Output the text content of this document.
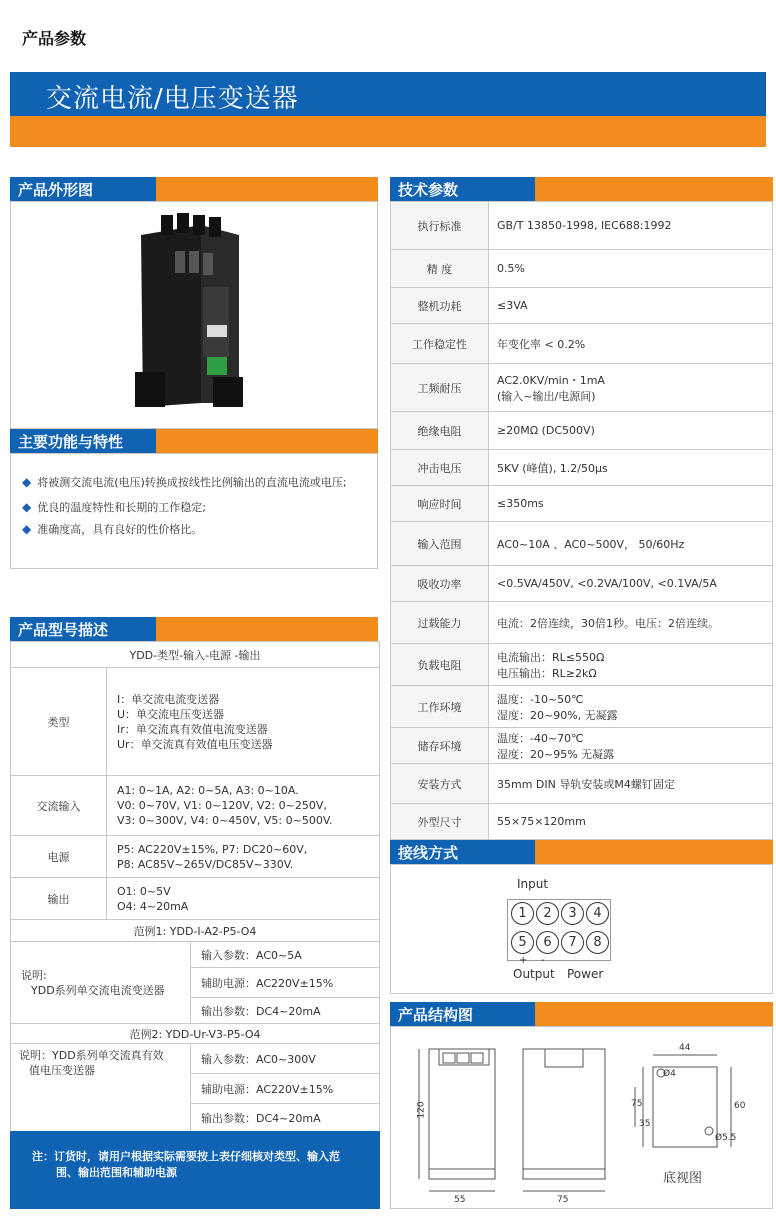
产品参数
交流电流/电压变送器
产品外形图
主要功能与特性
◆ 将被测交流电流(电压)转换成按线性比例输出的直流电流或电压;
◆ 优良的温度特性和长期的工作稳定;
◆ 准确度高，具有良好的性价格比。
产品型号描述
YDD-类型-输入-电源 -输出	
类型	I：单交流电流变送器
U：单交流电压变送器
Ir：单交流真有效值电流变送器
Ur：单交流真有效值电压变送器

交流输入	A1: 0~1A, A2: 0~5A, A3: 0~10A.
V0: 0~70V, V1: 0~120V, V2: 0~250V,
V3: 0~300V, V4: 0~450V, V5: 0~500V.

电源	P5: AC220V±15%, P7: DC20~60V,
P8: AC85V~265V/DC85V~330V.

输出	O1: 0~5V
O4: 4~20mA
范例1: YDD-I-A2-P5-O4

说明:
YDD系列单交流电流变送器
	输入参数：AC0~5A
辅助电源：AC220V±15%
输出参数：DC4~20mA
范例2: YDD-Ur-V3-P5-O4

说明：YDD系列单交流真有效
值电压变送器
	输入参数：AC0~300V
辅助电源：AC220V±15%
输出参数：DC4~20mA
注：订货时，请用户根据实际需要按上表仔细核对类型、输入范
围、输出范围和辅助电源
技术参数
执行标准	GB/T 13850-1998, IEC688:1992

精 度	0.5%

整机功耗	≤3VA

工作稳定性	年变化率 < 0.2%

工频耐压	AC2.0KV/min・1mA
(输入~输出/电源间)

绝缘电阻	≥20MΩ (DC500V)

冲击电压	5KV (峰值), 1.2/50μs

响应时间	≤350ms

输入范围	AC0~10A 、AC0~500V， 50/60Hz

吸收功率	<0.5VA/450V, <0.2VA/100V, <0.1VA/5A

过载能力	电流：2倍连续，30倍1秒。电压：2倍连续。

负载电阻	电流输出：RL≤550Ω
电压输出：RL≥2kΩ

工作环境	温度：-10~50℃
湿度：20~90%, 无凝露

储存环境	温度：-40~70℃
湿度：20~95% 无凝露

安装方式	35mm DIN 导轨安装或M4螺钉固定

外型尺寸	55×75×120mm
接线方式
Input
1	2	3	4
5	6	7	8
+ -
Output Power
产品结构图
120
55	75
44
75
35
60
Ø4
Ø5.5
底视图
